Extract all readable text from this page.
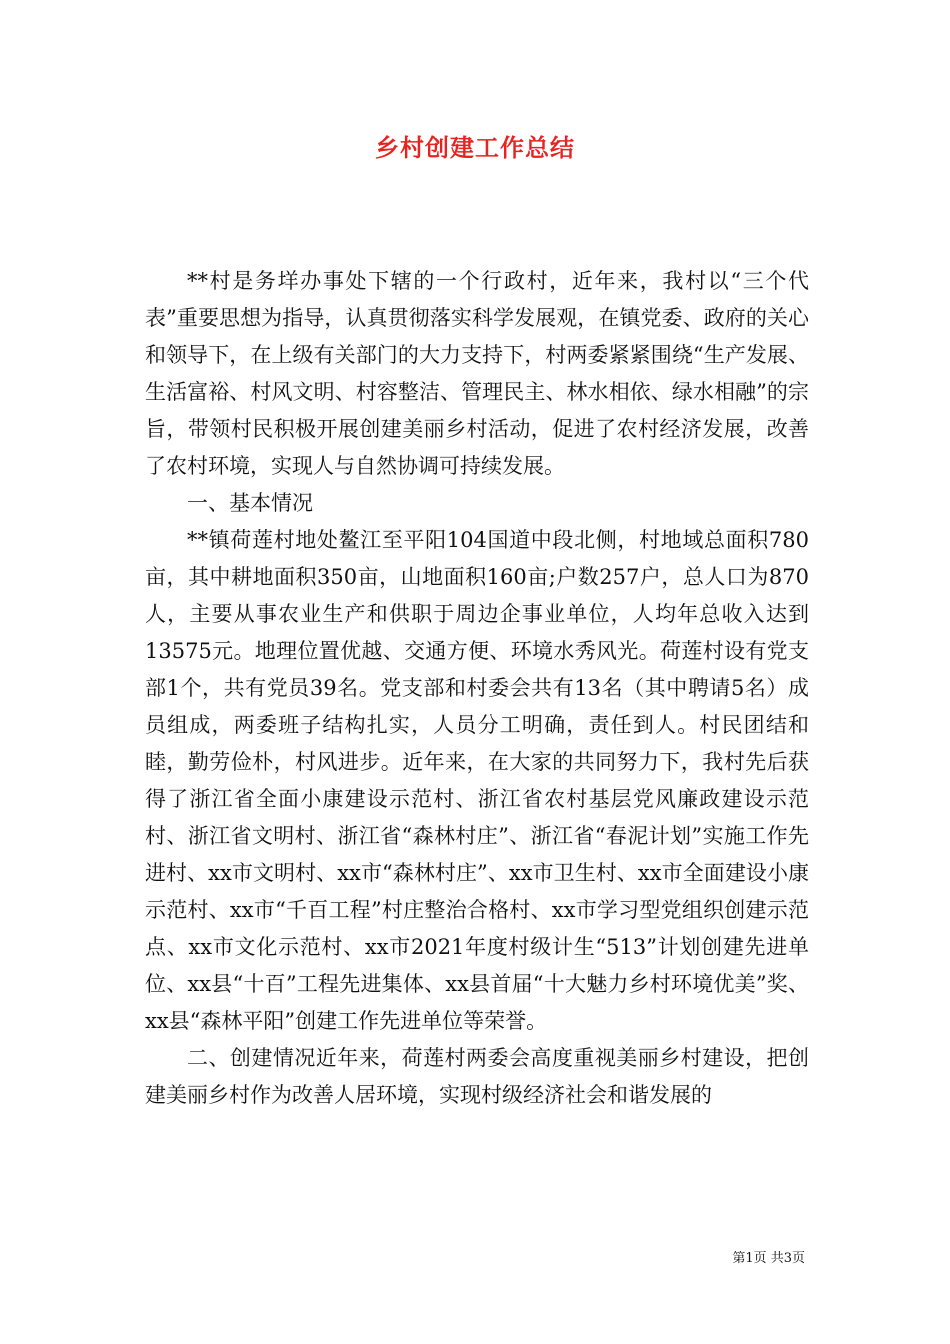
乡村创建工作总结

**村是务垟办事处下辖的一个行政村，近年来，我村以“三个代表”重要思想为指导，认真贯彻落实科学发展观，在镇党委、政府的关心和领导下，在上级有关部门的大力支持下，村两委紧紧围绕“生产发展、生活富裕、村风文明、村容整洁、管理民主、林水相依、绿水相融”的宗旨，带领村民积极开展创建美丽乡村活动，促进了农村经济发展，改善了农村环境，实现人与自然协调可持续发展。

一、基本情况

**镇荷莲村地处鳌江至平阳104国道中段北侧，村地域总面积780亩，其中耕地面积350亩，山地面积160亩;户数257户，总人口为870人，主要从事农业生产和供职于周边企事业单位，人均年总收入达到13575元。地理位置优越、交通方便、环境水秀风光。荷莲村设有党支部1个，共有党员39名。党支部和村委会共有13名（其中聘请5名）成员组成，两委班子结构扎实，人员分工明确，责任到人。村民团结和睦，勤劳俭朴，村风进步。近年来，在大家的共同努力下，我村先后获得了浙江省全面小康建设示范村、浙江省农村基层党风廉政建设示范村、浙江省文明村、浙江省“森林村庄”、浙江省“春泥计划”实施工作先进村、xx市文明村、xx市“森林村庄”、xx市卫生村、xx市全面建设小康示范村、xx市“千百工程”村庄整治合格村、xx市学习型党组织创建示范点、xx市文化示范村、xx市2021年度村级计生“513”计划创建先进单位、xx县“十百”工程先进集体、xx县首届“十大魅力乡村环境优美”奖、xx县“森林平阳”创建工作先进单位等荣誉。

二、创建情况近年来，荷莲村两委会高度重视美丽乡村建设，把创建美丽乡村作为改善人居环境，实现村级经济社会和谐发展的

第1页 共3页
